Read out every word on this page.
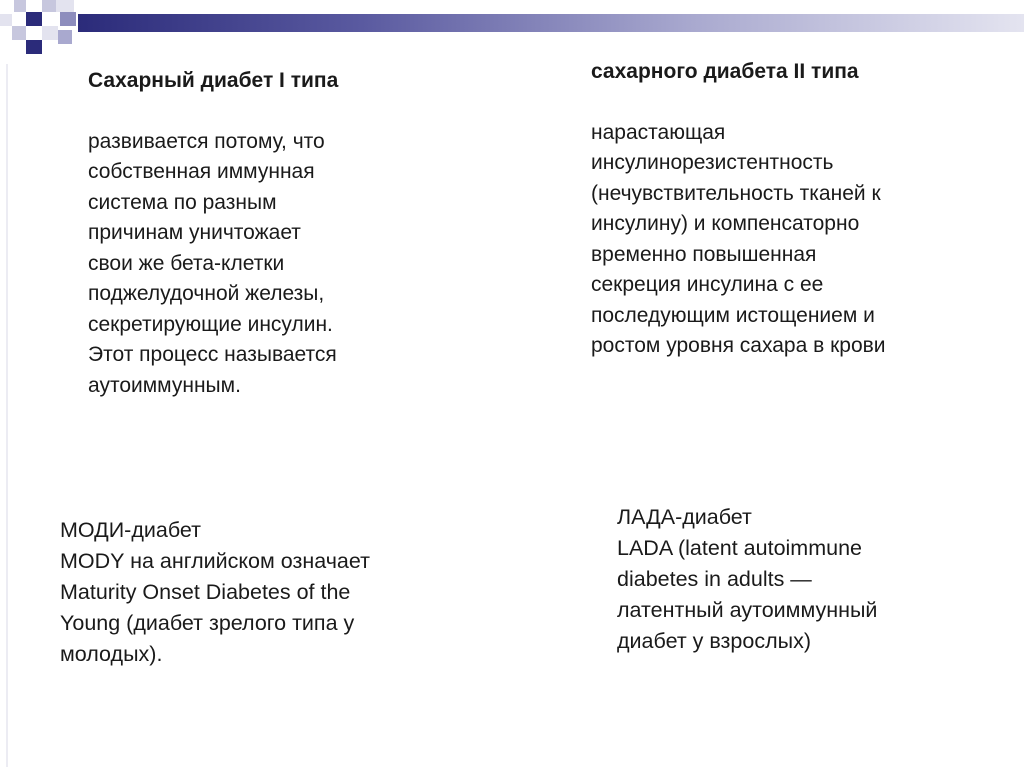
Сахарный диабет I типа
развивается потому, что
собственная иммунная
система по разным
причинам уничтожает
свои же бета-клетки
поджелудочной железы,
секретирующие инсулин.
Этот процесс называется
аутоиммунным.
сахарного диабета II типа
нарастающая
инсулинорезистентность
(нечувствительность тканей к
инсулину) и компенсаторно
временно повышенная
секреция инсулина с ее
последующим истощением и
ростом уровня сахара в крови
МОДИ-диабет
MODY на английском означает
Maturity Onset Diabetes of the
Young (диабет зрелого типа у
молодых).
ЛАДА-диабет
LADA (latent autoimmune
diabetes in adults —
латентный аутоиммунный
диабет у взрослых)
